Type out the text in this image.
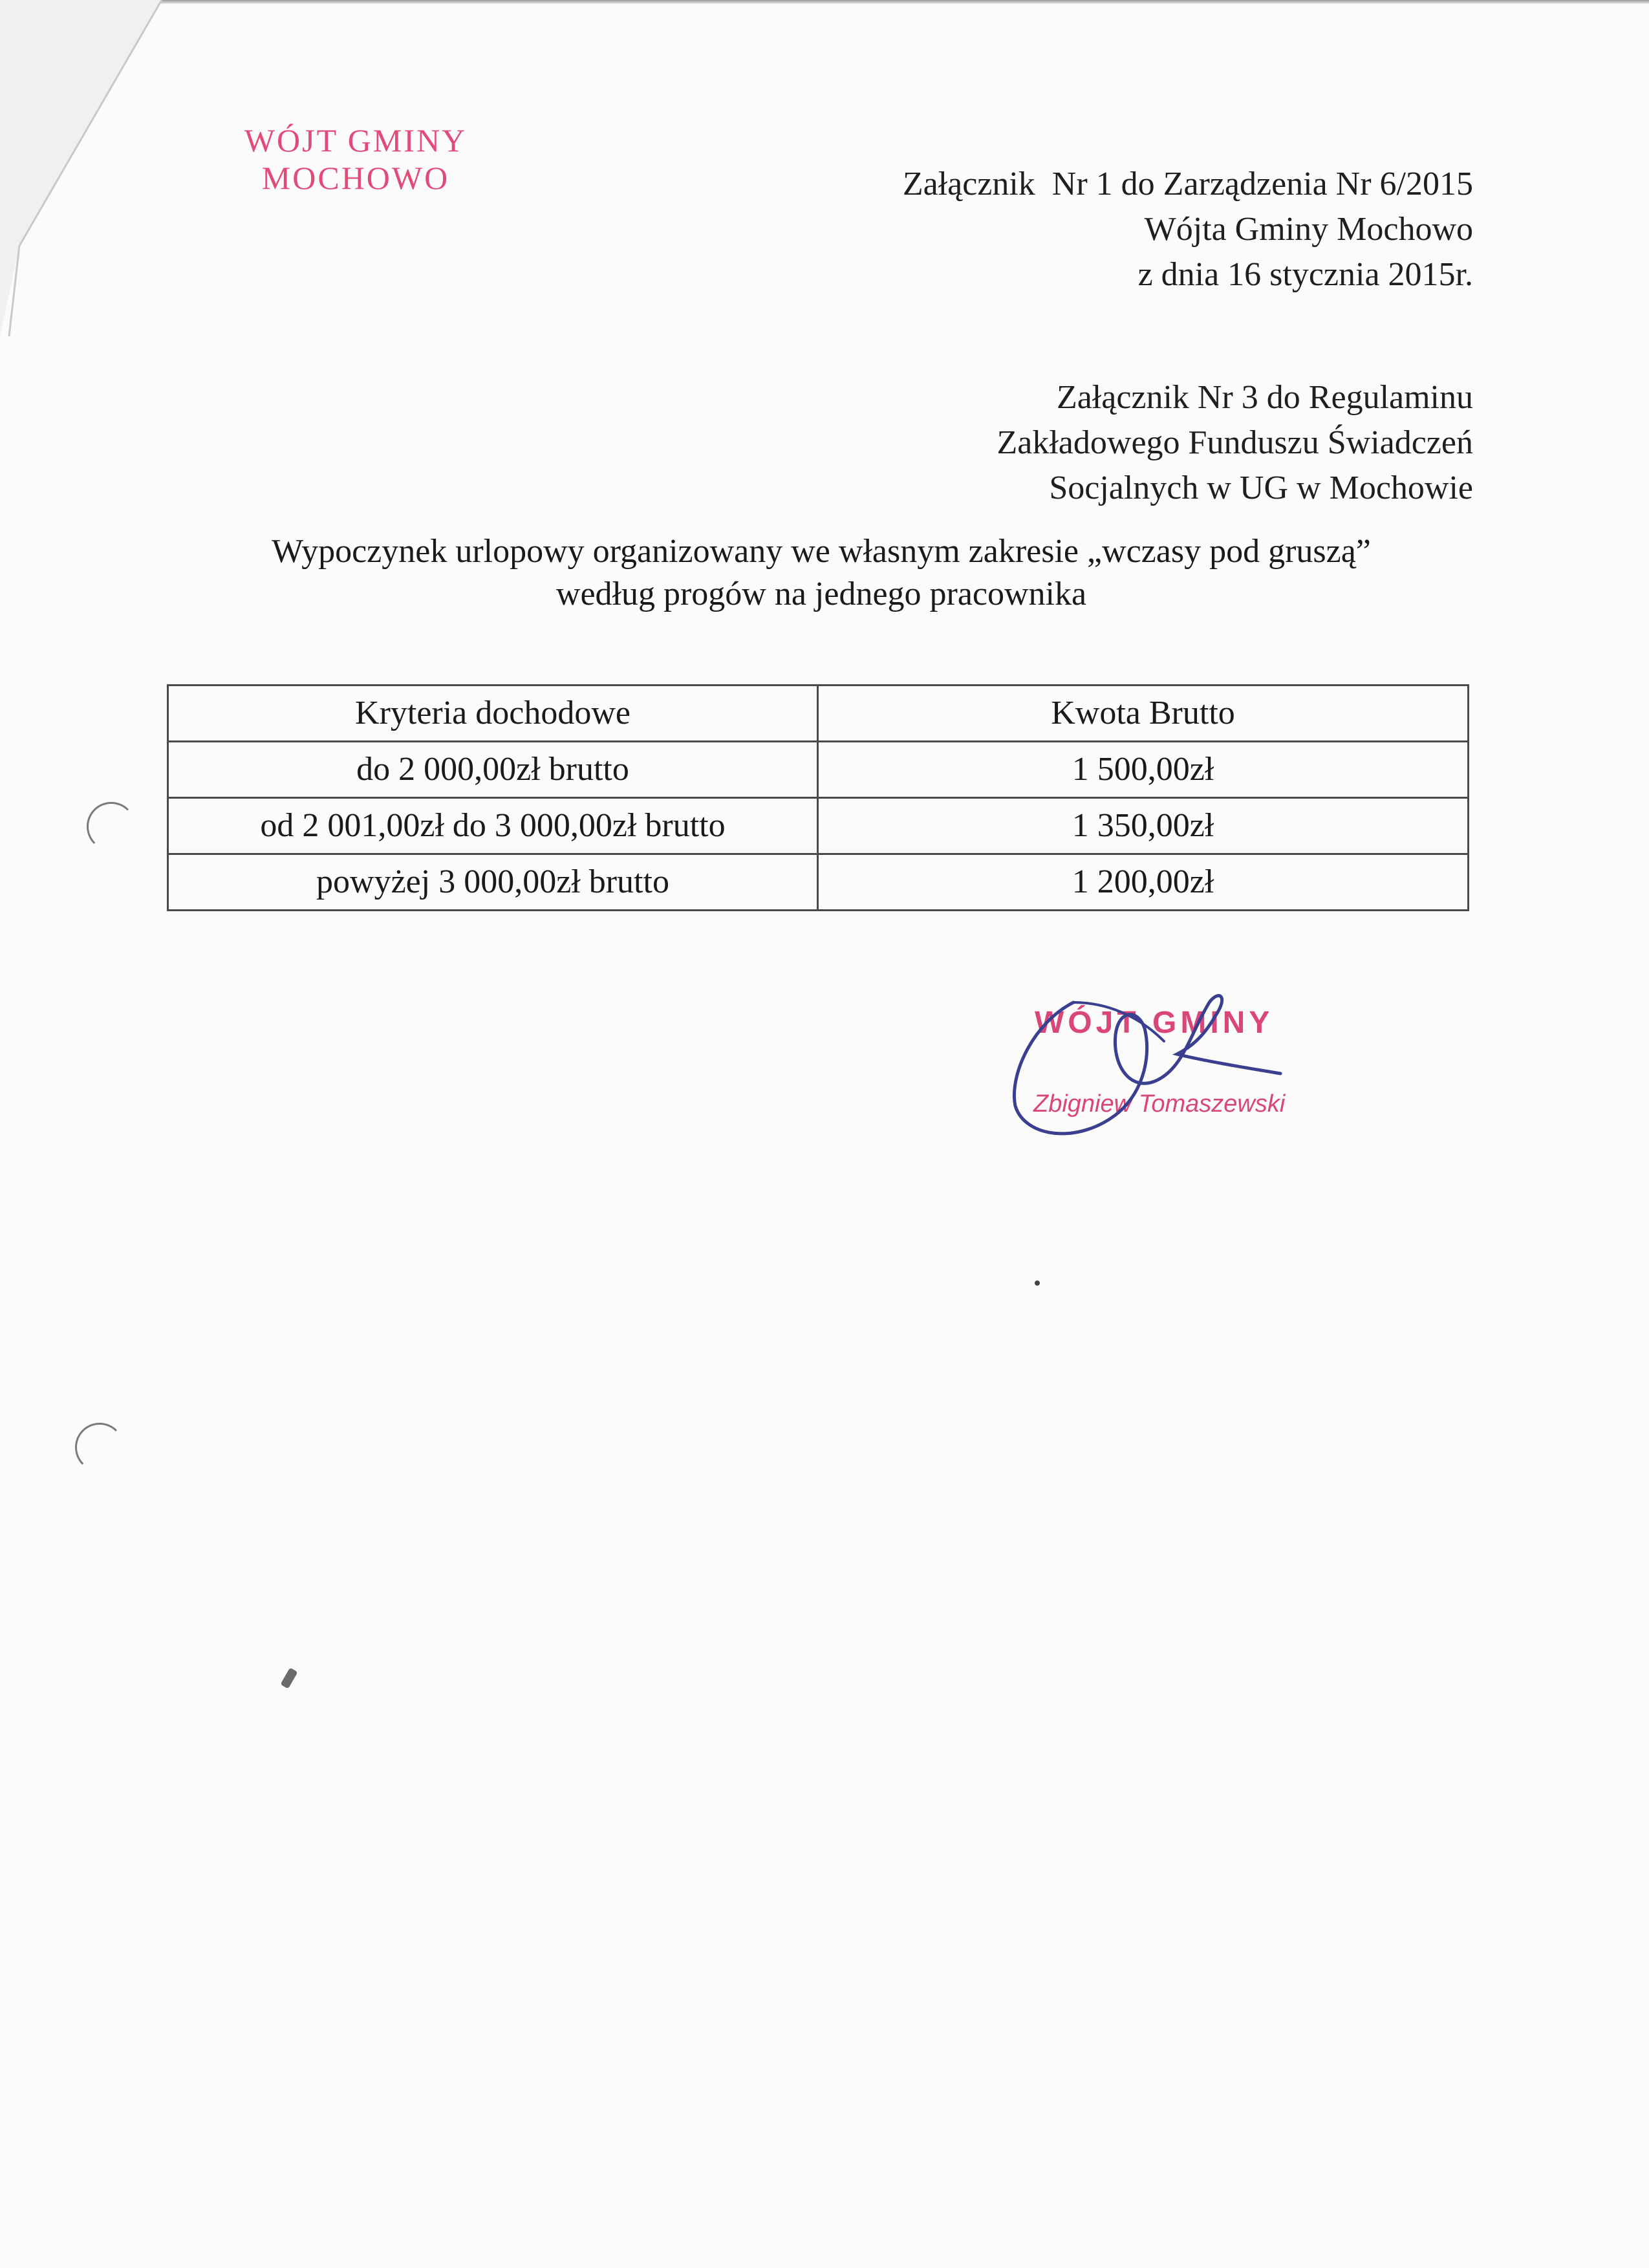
WÓJT GMINY
MOCHOWO	Załącznik  Nr 1 do Zarządzenia Nr 6/2015
Wójta Gminy Mochowo
z dnia 16 stycznia 2015r.
Załącznik Nr 3 do Regulaminu
Zakładowego Funduszu Świadczeń
Socjalnych w UG w Mochowie
Wypoczynek urlopowy organizowany we własnym zakresie „wczasy pod gruszą”
według progów na jednego pracownika
Kryteria dochodowe	Kwota Brutto
do 2 000,00zł brutto	1 500,00zł
od 2 001,00zł do 3 000,00zł brutto	1 350,00zł
powyżej 3 000,00zł brutto	1 200,00zł
WÓJT GMINY
Zbigniew Tomaszewski
